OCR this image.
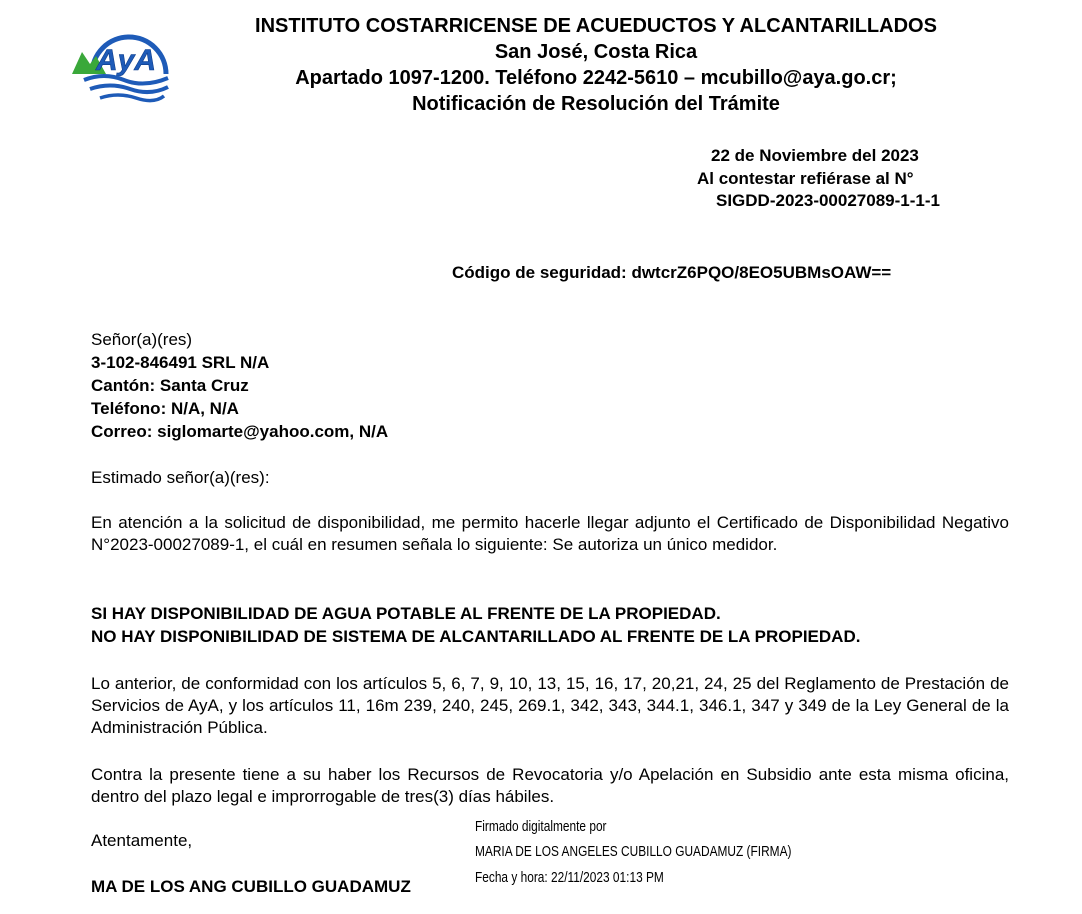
AyA
INSTITUTO COSTARRICENSE DE ACUEDUCTOS Y ALCANTARILLADOS
San José, Costa Rica
Apartado 1097-1200. Teléfono 2242-5610 – mcubillo@aya.go.cr;
Notificación de Resolución del Trámite
22 de Noviembre del 2023
Al contestar refiérase al N°
SIGDD-2023-00027089-1-1-1
Código de seguridad: dwtcrZ6PQO/8EO5UBMsOAW==
Señor(a)(res)
3-102-846491 SRL N/A
Cantón: Santa Cruz
Teléfono: N/A, N/A
Correo: siglomarte@yahoo.com, N/A
Estimado señor(a)(res):
En atención a la solicitud de disponibilidad, me permito hacerle llegar adjunto el Certificado de Disponibilidad Negativo N°2023-00027089-1, el cuál en resumen señala lo siguiente: Se autoriza un único medidor.
SI HAY DISPONIBILIDAD DE AGUA POTABLE AL FRENTE DE LA PROPIEDAD.
NO HAY DISPONIBILIDAD DE SISTEMA DE ALCANTARILLADO AL FRENTE DE LA PROPIEDAD.
Lo anterior, de conformidad con los artículos 5, 6, 7, 9, 10, 13, 15, 16, 17, 20,21, 24, 25 del Reglamento de Prestación de Servicios de AyA, y los artículos 11, 16m 239, 240, 245, 269.1, 342, 343, 344.1, 346.1, 347 y 349 de la Ley General de la Administración Pública.
Contra la presente tiene a su haber los Recursos de Revocatoria y/o Apelación en Subsidio ante esta misma oficina, dentro del plazo legal e improrrogable de tres(3) días hábiles.
Atentamente,
MA DE LOS ANG CUBILLO GUADAMUZ
Firmado digitalmente por
MARIA DE LOS ANGELES CUBILLO GUADAMUZ (FIRMA)
Fecha y hora: 22/11/2023 01:13 PM
